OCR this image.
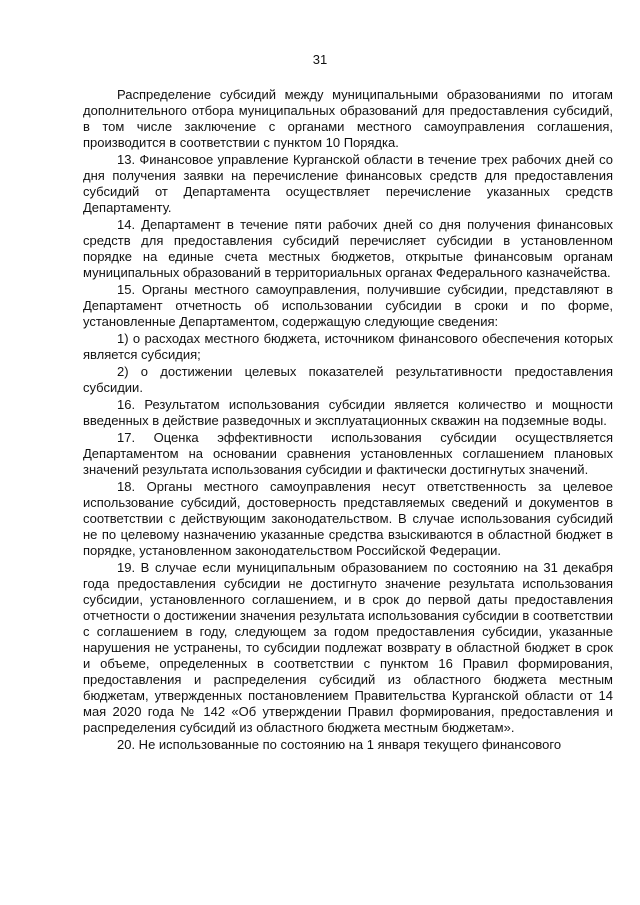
31

Распределение субсидий между муниципальными образованиями по итогам дополнительного отбора муниципальных образований для предоставления субсидий, в том числе заключение с органами местного самоуправления соглашения, производится в соответствии с пунктом 10 Порядка.

13. Финансовое управление Курганской области в течение трех рабочих дней со дня получения заявки на перечисление финансовых средств для предоставления субсидий от Департамента осуществляет перечисление указанных средств Департаменту.

14. Департамент в течение пяти рабочих дней со дня получения финансовых средств для предоставления субсидий перечисляет субсидии в установленном порядке на единые счета местных бюджетов, открытые финансовым органам муниципальных образований в территориальных органах Федерального казначейства.

15. Органы местного самоуправления, получившие субсидии, представляют в Департамент отчетность об использовании субсидии в сроки и по форме, установленные Департаментом, содержащую следующие сведения:

1) о расходах местного бюджета, источником финансового обеспечения которых является субсидия;

2) о достижении целевых показателей результативности предоставления субсидии.

16. Результатом использования субсидии является количество и мощности введенных в действие разведочных и эксплуатационных скважин на подземные воды.

17. Оценка эффективности использования субсидии осуществляется Департаментом на основании сравнения установленных соглашением плановых значений результата использования субсидии и фактически достигнутых значений.

18. Органы местного самоуправления несут ответственность за целевое использование субсидий, достоверность представляемых сведений и документов в соответствии с действующим законодательством. В случае использования субсидий не по целевому назначению указанные средства взыскиваются в областной бюджет в порядке, установленном законодательством Российской Федерации.

19. В случае если муниципальным образованием по состоянию на 31 декабря года предоставления субсидии не достигнуто значение результата использования субсидии, установленного соглашением, и в срок до первой даты предоставления отчетности о достижении значения результата использования субсидии в соответствии с соглашением в году, следующем за годом предоставления субсидии, указанные нарушения не устранены, то субсидии подлежат возврату в областной бюджет в срок и объеме, определенных в соответствии с пунктом 16 Правил формирования, предоставления и распределения субсидий из областного бюджета местным бюджетам, утвержденных постановлением Правительства Курганской области от 14 мая 2020 года № 142 «Об утверждении Правил формирования, предоставления и распределения субсидий из областного бюджета местным бюджетам».

20. Не использованные по состоянию на 1 января текущего финансового
